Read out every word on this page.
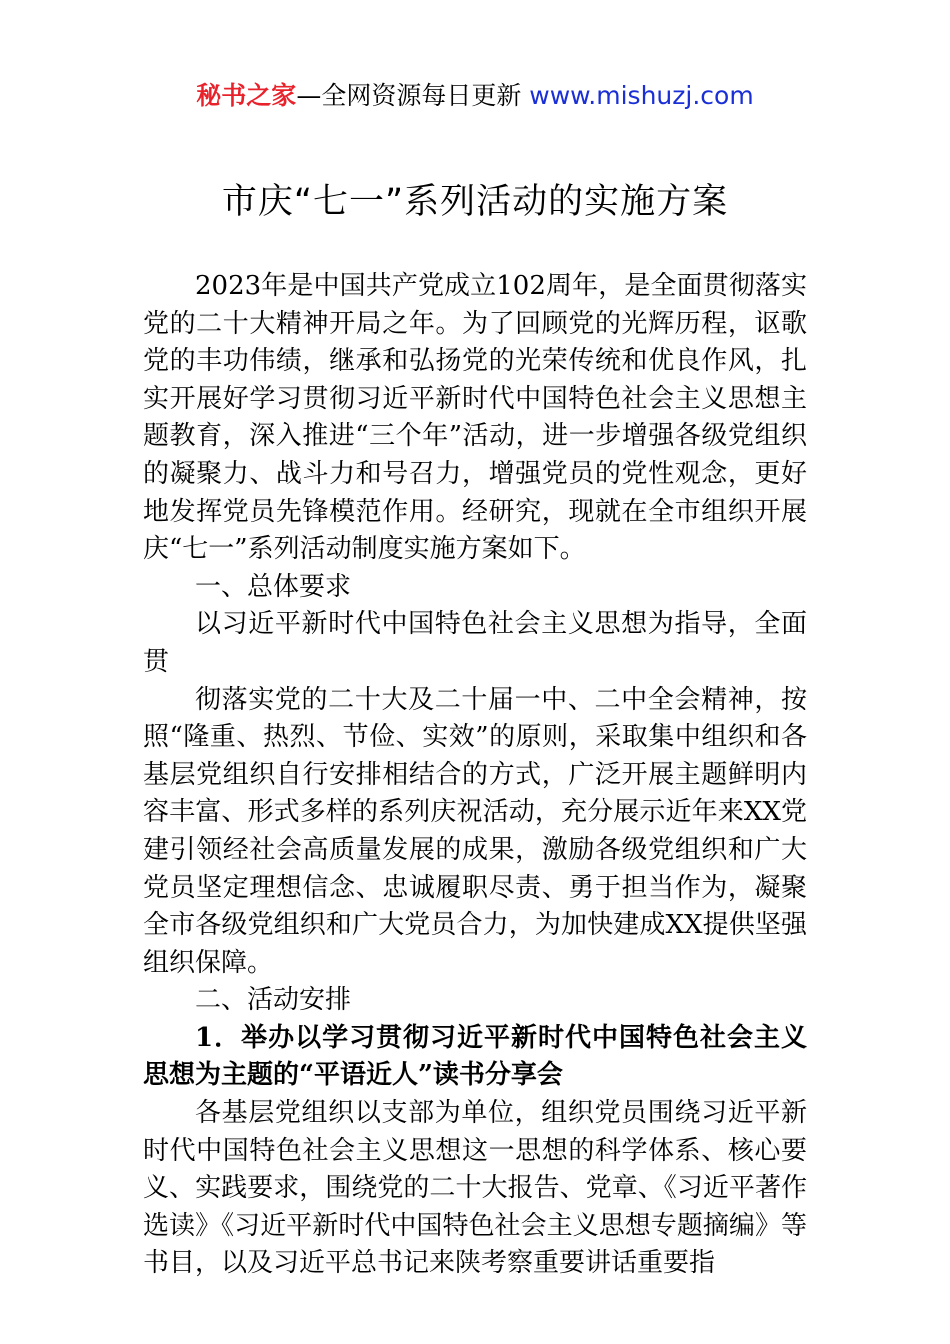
秘书之家—全网资源每日更新 www.mishuzj.com
市庆“七一”系列活动的实施方案

2023年是中国共产党成立102周年，是全面贯彻落实党的二十大精神开局之年。为了回顾党的光辉历程，讴歌党的丰功伟绩，继承和弘扬党的光荣传统和优良作风，扎实开展好学习贯彻习近平新时代中国特色社会主义思想主题教育，深入推进“三个年”活动，进一步增强各级党组织的凝聚力、战斗力和号召力，增强党员的党性观念，更好地发挥党员先锋模范作用。经研究，现就在全市组织开展庆“七一”系列活动制度实施方案如下。

一、总体要求

以习近平新时代中国特色社会主义思想为指导，全面贯

彻落实党的二十大及二十届一中、二中全会精神，按照“隆重、热烈、节俭、实效”的原则，采取集中组织和各基层党组织自行安排相结合的方式，广泛开展主题鲜明内容丰富、形式多样的系列庆祝活动，充分展示近年来XX党建引领经社会高质量发展的成果，激励各级党组织和广大党员坚定理想信念、忠诚履职尽责、勇于担当作为，凝聚全市各级党组织和广大党员合力，为加快建成XX提供坚强组织保障。

二、活动安排

1．举办以学习贯彻习近平新时代中国特色社会主义思想为主题的“平语近人”读书分享会

各基层党组织以支部为单位，组织党员围绕习近平新时代中国特色社会主义思想这一思想的科学体系、核心要义、实践要求，围绕党的二十大报告、党章、《习近平著作选读》《习近平新时代中国特色社会主义思想专题摘编》等书目，以及习近平总书记来陕考察重要讲话重要指
